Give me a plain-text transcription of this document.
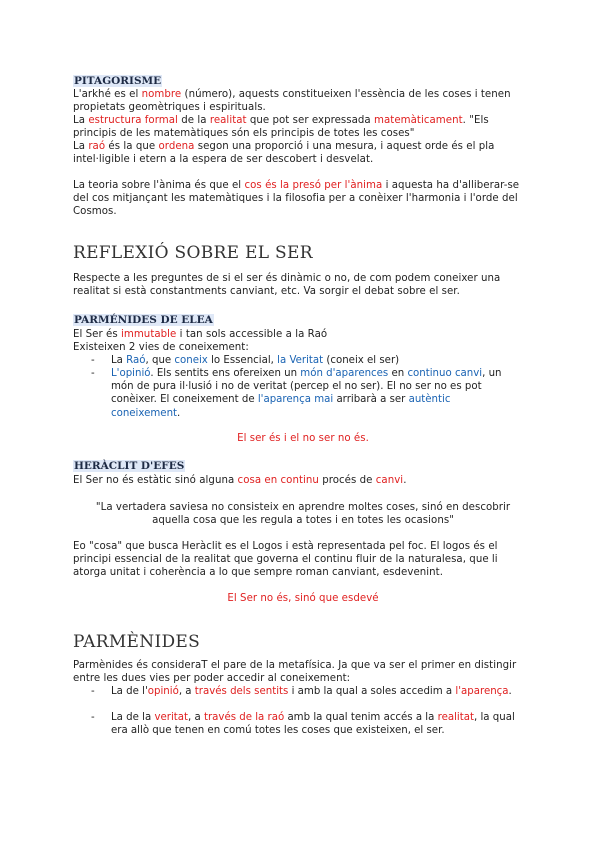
PITAGORISME
L'arkhé es el nombre (número), aquests constitueixen l'essència de les coses i tenen propietats geomètriques i espirituals.
La estructura formal de la realitat que pot ser expressada matemàticament. "Els principis de les matemàtiques són els principis de totes les coses"
La raó és la que ordena segon una proporció i una mesura, i aquest orde és el pla intel·ligible i etern a la espera de ser descobert i desvelat.
La teoria sobre l'ànima és que el cos és la presó per l'ànima i aquesta ha d'alliberar-se del cos mitjançant les matemàtiques i la filosofia per a conèixer l'harmonia i l'orde del Cosmos.
REFLEXIÓ SOBRE EL SER
Respecte a les preguntes de si el ser és dinàmic o no, de com podem coneixer una realitat si està constantments canviant, etc. Va sorgir el debat sobre el ser.
PARMÉNIDES DE ELEA
El Ser és immutable i tan sols accessible a la Raó
Existeixen 2 vies de coneixement:
- La Raó, que coneix lo Essencial, la Veritat (coneix el ser)
- L'opinió. Els sentits ens ofereixen un món d'aparences en continuo canvi, un món de pura il·lusió i no de veritat (percep el no ser). El no ser no es pot conèixer. El coneixement de l'aparença mai arribarà a ser autèntic coneixement.
El ser és i el no ser no és.
HERÀCLIT D'EFES
El Ser no és estàtic sinó alguna cosa en continu procés de canvi.
"La vertadera saviesa no consisteix en aprendre moltes coses, sinó en descobrir aquella cosa que les regula a totes i en totes les ocasions"
Eo "cosa" que busca Heràclit es el Logos i està representada pel foc. El logos és el principi essencial de la realitat que governa el continu fluir de la naturalesa, que li atorga unitat i coherència a lo que sempre roman canviant, esdevenint.
El Ser no és, sinó que esdevé
PARMÈNIDES
Parmènides és consideraT el pare de la metafísica. Ja que va ser el primer en distingir entre les dues vies per poder accedir al coneixement:
- La de l'opinió, a través dels sentits i amb la qual a soles accedim a l'aparença.
- La de la veritat, a través de la raó amb la qual tenim accés a la realitat, la qual era allò que tenen en comú totes les coses que existeixen, el ser.
